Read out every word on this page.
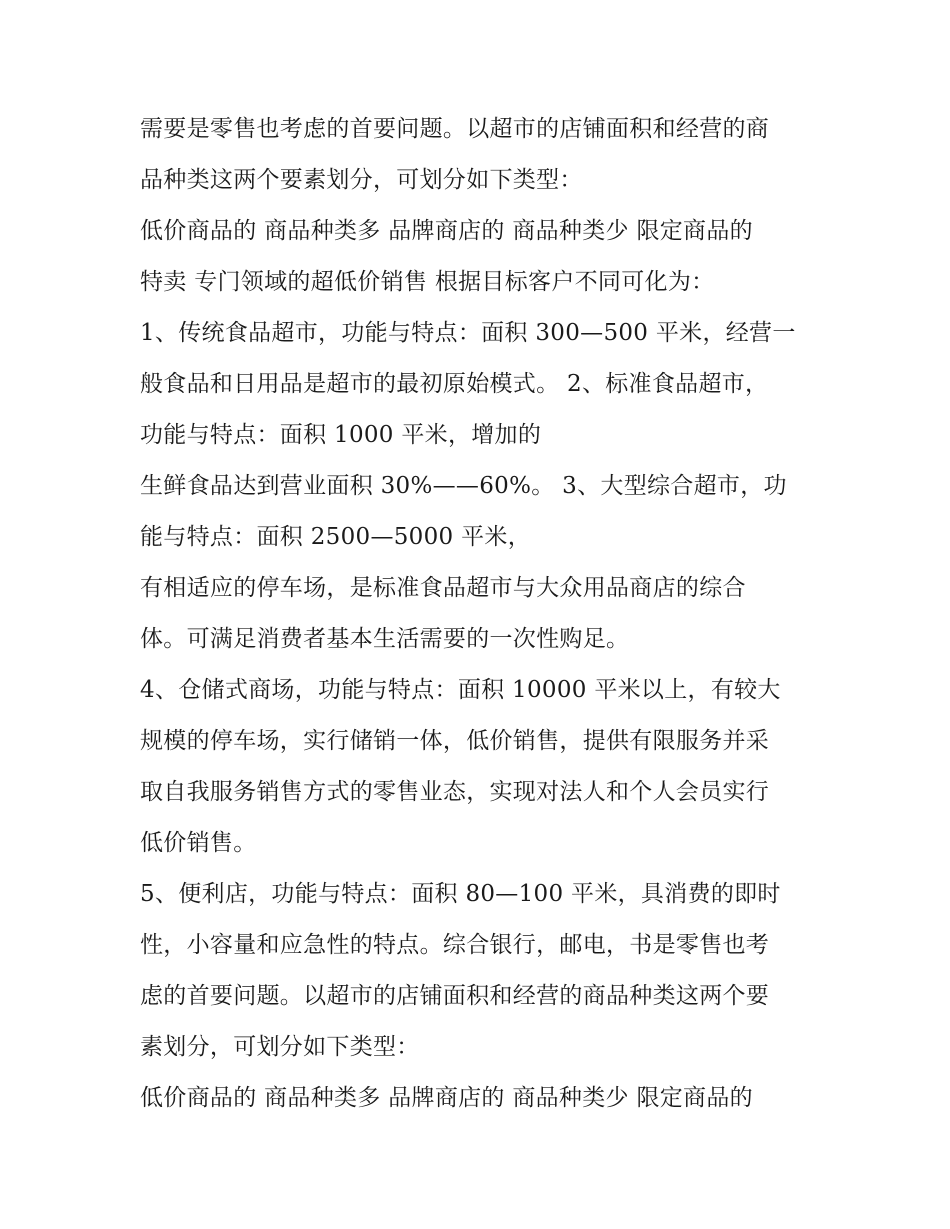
需要是零售也考虑的首要问题。以超市的店铺面积和经营的商
品种类这两个要素划分，可划分如下类型：
低价商品的 商品种类多 品牌商店的 商品种类少 限定商品的
特卖 专门领域的超低价销售 根据目标客户不同可化为：
1、传统食品超市，功能与特点：面积 300—500 平米，经营一
般食品和日用品是超市的最初原始模式。 2、标准食品超市，
功能与特点：面积 1000 平米，增加的
生鲜食品达到营业面积 30%——60%。 3、大型综合超市，功
能与特点：面积 2500—5000 平米，
有相适应的停车场，是标准食品超市与大众用品商店的综合
体。可满足消费者基本生活需要的一次性购足。
4、仓储式商场，功能与特点：面积 10000 平米以上，有较大
规模的停车场，实行储销一体，低价销售，提供有限服务并采
取自我服务销售方式的零售业态，实现对法人和个人会员实行
低价销售。
5、便利店，功能与特点：面积 80—100 平米，具消费的即时
性，小容量和应急性的特点。综合银行，邮电，书是零售也考
虑的首要问题。以超市的店铺面积和经营的商品种类这两个要
素划分，可划分如下类型：
低价商品的 商品种类多 品牌商店的 商品种类少 限定商品的
